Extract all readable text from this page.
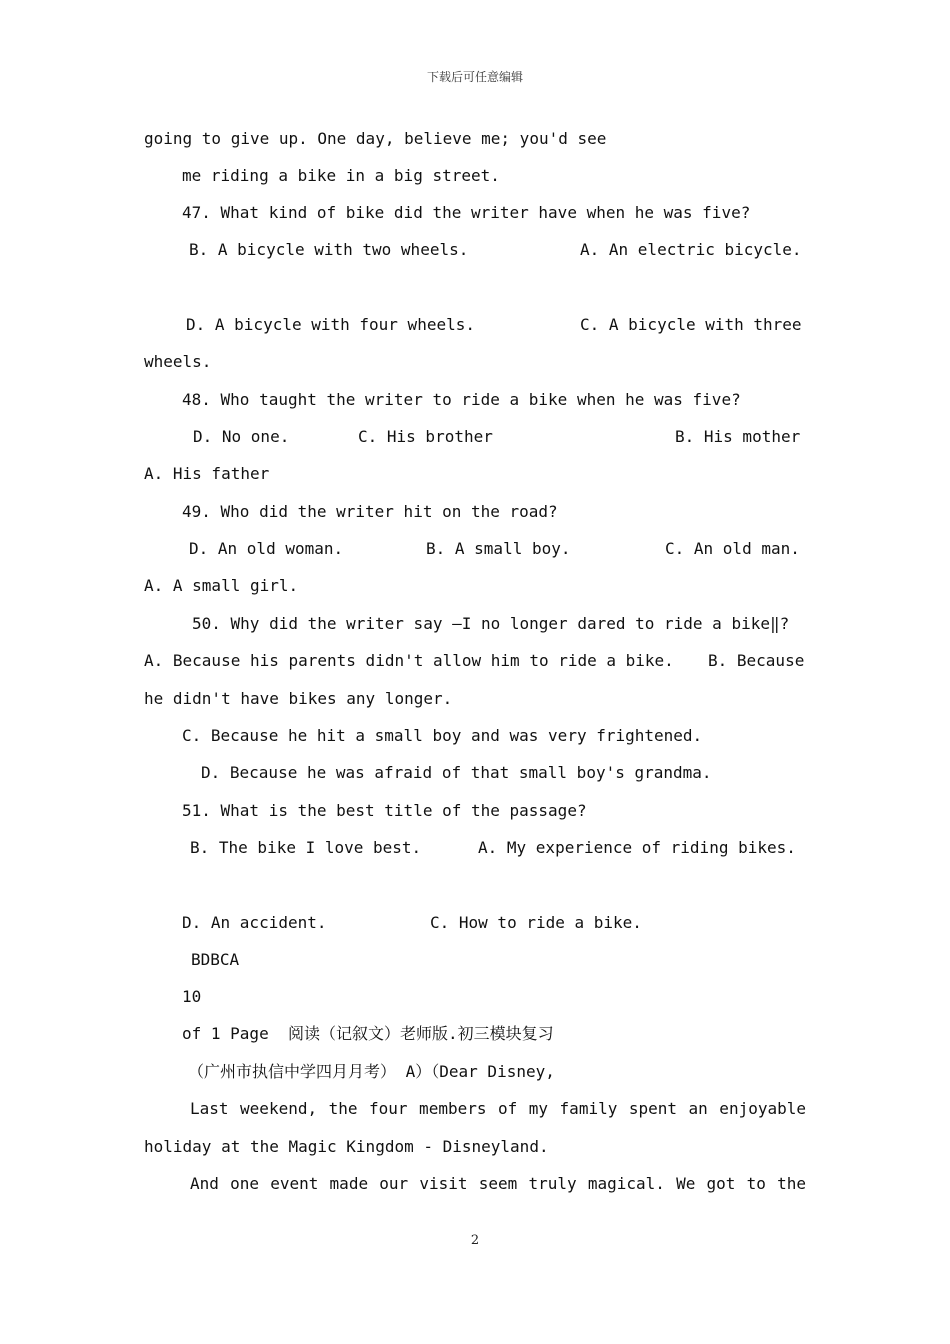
下载后可任意编辑
going to give up. One day, believe me; you'd see
me riding a bike in a big street.
47. What kind of bike did the writer have when he was five?
B. A bicycle with two wheels.	A. An electric bicycle.
D. A bicycle with four wheels.	C. A bicycle with three
wheels.
48. Who taught the writer to ride a bike when he was five?
D. No one.	C. His brother	B. His mother
A. His father
49. Who did the writer hit on the road?
D. An old woman.	B. A small boy.	C. An old man.
A. A small girl.
50. Why did the writer say —I no longer dared to ride a bike‖?
A. Because his parents didn't allow him to ride a bike. B. Because
he didn't have bikes any longer.
C. Because he hit a small boy and was very frightened.
D. Because he was afraid of that small boy's grandma.
51. What is the best title of the passage?
B. The bike I love best.	A. My experience of riding bikes.
D. An accident.	C. How to ride a bike.
BDBCA
10
of 1 Page  阅读（记叙文）老师版.初三模块复习
（广州市执信中学四月月考） A）（Dear Disney,
Last weekend, the four members of my family spent an enjoyable
holiday at the Magic Kingdom - Disneyland.
And one event made our visit seem truly magical. We got to the
2
